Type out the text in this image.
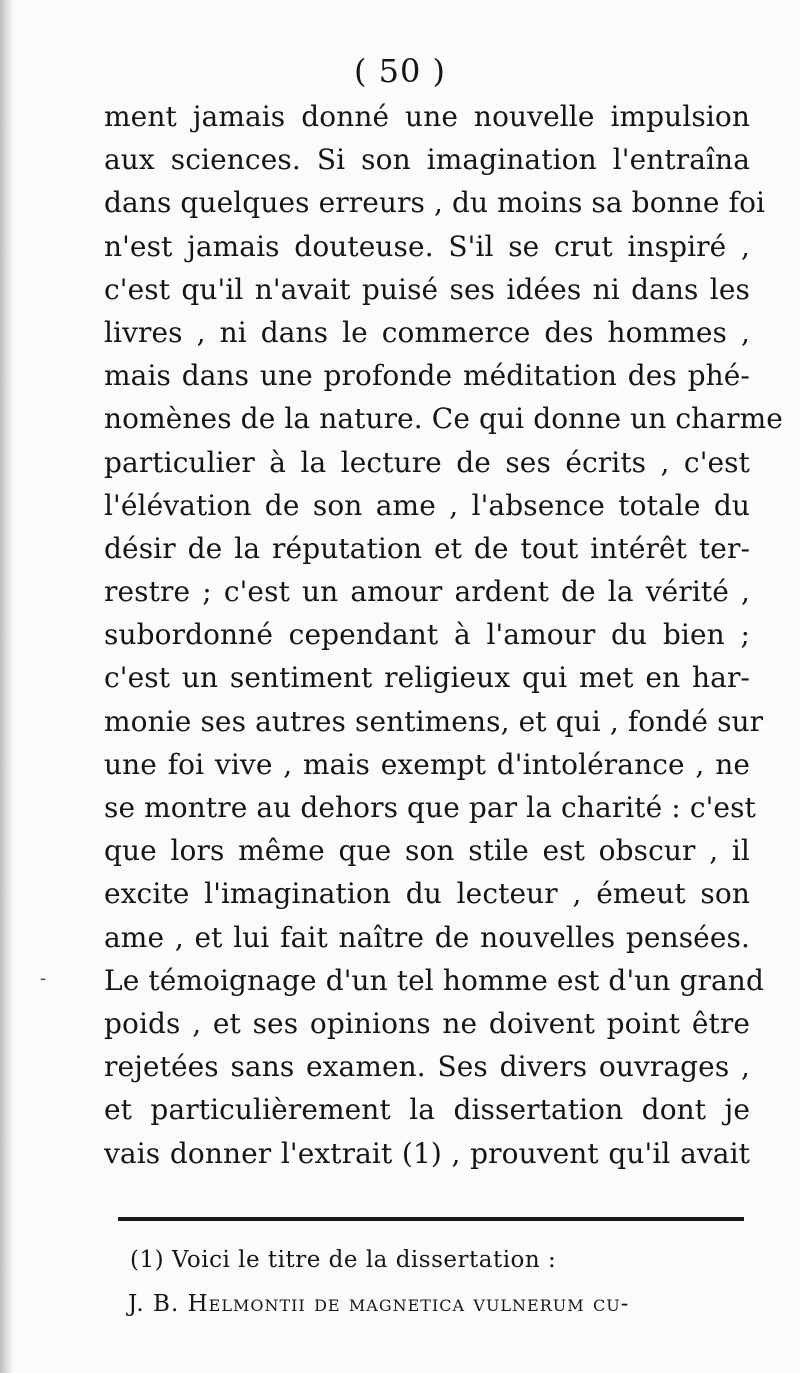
-
( 50 )
ment jamais donné une nouvelle impulsion
aux sciences. Si son imagination l'entraîna
dans quelques erreurs , du moins sa bonne foi
n'est jamais douteuse. S'il se crut inspiré ,
c'est qu'il n'avait puisé ses idées ni dans les
livres , ni dans le commerce des hommes ,
mais dans une profonde méditation des phé-
nomènes de la nature. Ce qui donne un charme
particulier à la lecture de ses écrits , c'est
l'élévation de son ame , l'absence totale du
désir de la réputation et de tout intérêt ter-
restre ; c'est un amour ardent de la vérité ,
subordonné cependant à l'amour du bien ;
c'est un sentiment religieux qui met en har-
monie ses autres sentimens, et qui , fondé sur
une foi vive , mais exempt d'intolérance , ne
se montre au dehors que par la charité : c'est
que lors même que son stile est obscur , il
excite l'imagination du lecteur , émeut son
ame , et lui fait naître de nouvelles pensées.
Le témoignage d'un tel homme est d'un grand
poids , et ses opinions ne doivent point être
rejetées sans examen. Ses divers ouvrages ,
et particulièrement la dissertation dont je
vais donner l'extrait (1) , prouvent qu'il avait
(1) Voici le titre de la dissertation :
J. B. Helmontii de magnetica vulnerum cu-
